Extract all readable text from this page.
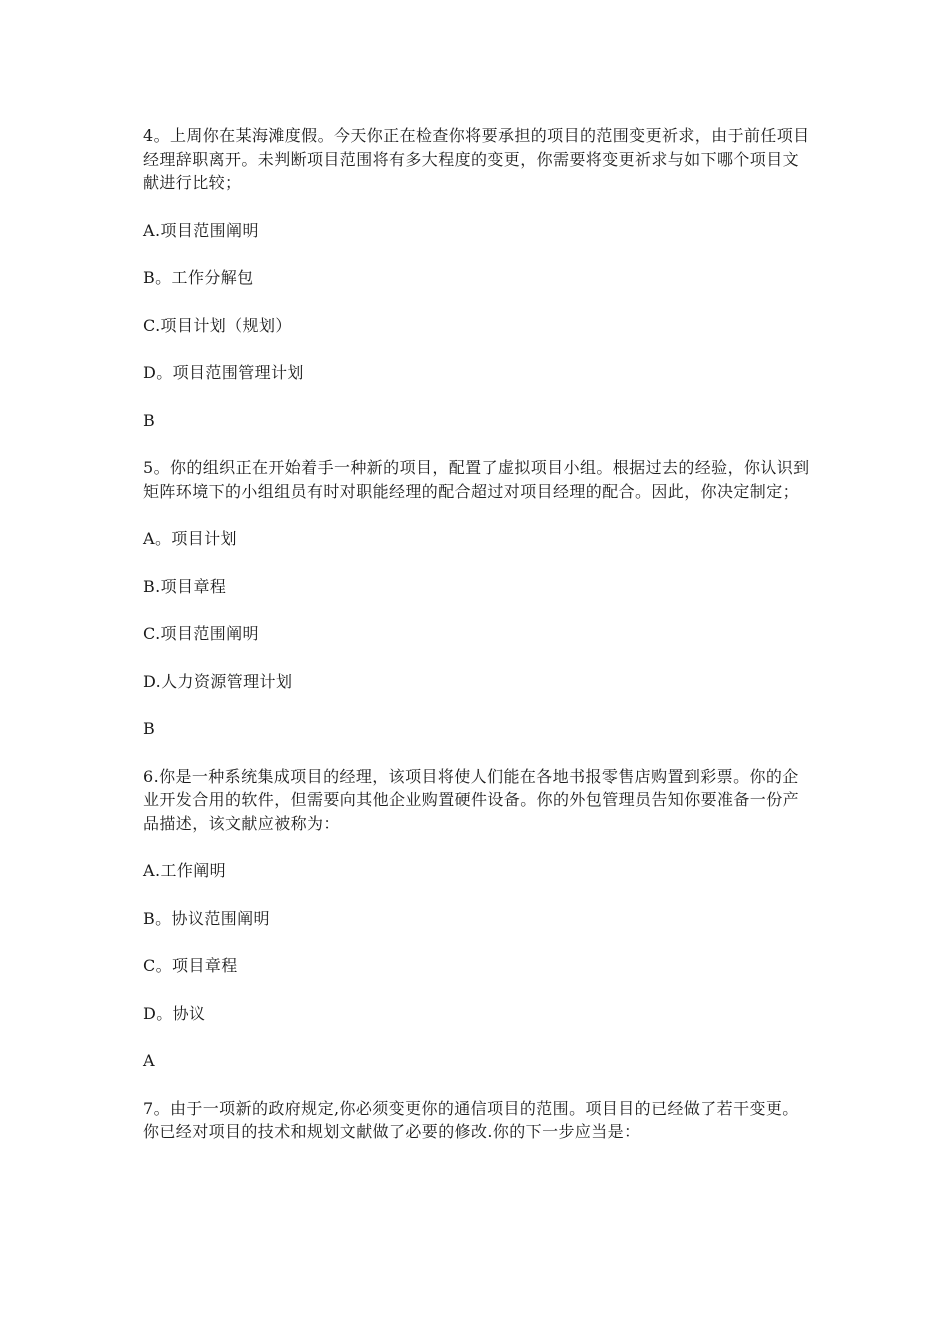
4。上周你在某海滩度假。今天你正在检查你将要承担的项目的范围变更祈求，由于前任项目经理辞职离开。未判断项目范围将有多大程度的变更，你需要将变更祈求与如下哪个项目文献进行比较；

A.项目范围阐明

B。工作分解包

C.项目计划（规划）

D。项目范围管理计划

B

5。你的组织正在开始着手一种新的项目，配置了虚拟项目小组。根据过去的经验，你认识到矩阵环境下的小组组员有时对职能经理的配合超过对项目经理的配合。因此，你决定制定；

A。项目计划

B.项目章程

C.项目范围阐明

D.人力资源管理计划

B

6.你是一种系统集成项目的经理，该项目将使人们能在各地书报零售店购置到彩票。你的企业开发合用的软件，但需要向其他企业购置硬件设备。你的外包管理员告知你要准备一份产品描述，该文献应被称为：

A.工作阐明

B。协议范围阐明

C。项目章程

D。协议

A

7。由于一项新的政府规定,你必须变更你的通信项目的范围。项目目的已经做了若干变更。你已经对项目的技术和规划文献做了必要的修改.你的下一步应当是：
